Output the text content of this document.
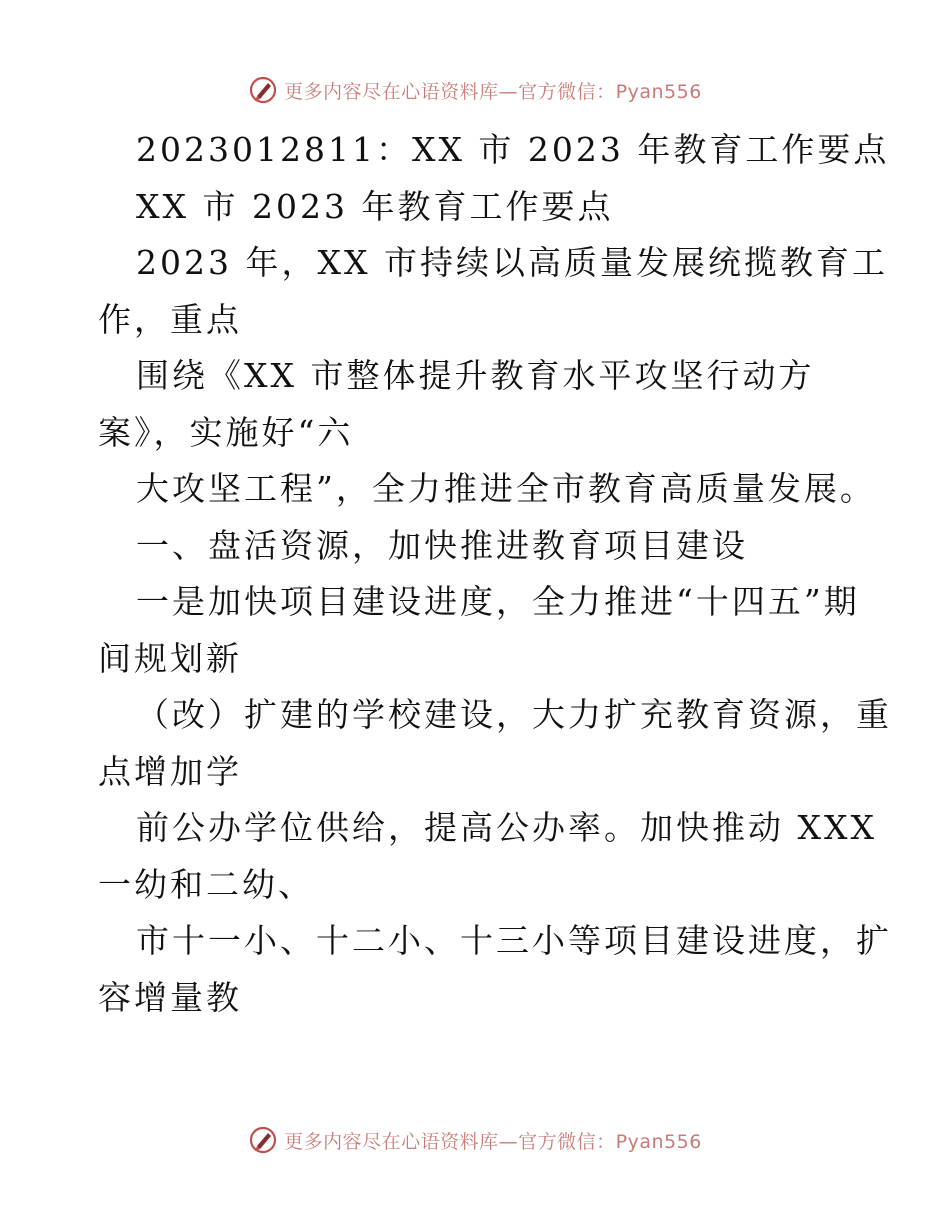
更多内容尽在心语资料库—官方微信：Pyan556
2023012811：XX 市 2023 年教育工作要点
XX 市 2023 年教育工作要点
2023 年，XX 市持续以高质量发展统揽教育工
作，重点
围绕《XX 市整体提升教育水平攻坚行动方
案》，实施好“六
大攻坚工程”，全力推进全市教育高质量发展。
一、盘活资源，加快推进教育项目建设
一是加快项目建设进度，全力推进“十四五”期
间规划新
（改）扩建的学校建设，大力扩充教育资源，重
点增加学
前公办学位供给，提高公办率。加快推动 XXX
一幼和二幼、
市十一小、十二小、十三小等项目建设进度，扩
容增量教
更多内容尽在心语资料库—官方微信：Pyan556
